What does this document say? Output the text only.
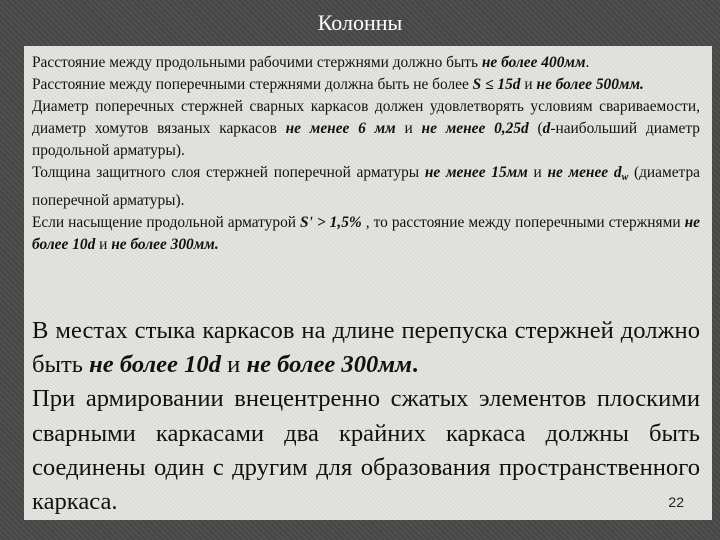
Колонны

Расстояние между продольными рабочими стержнями должно быть не более 400мм.

Расстояние между поперечными стержнями должна быть не более S ≤ 15d и не более 500мм.

Диаметр поперечных стержней сварных каркасов должен удовлетворять условиям свариваемости, диаметр хомутов вязаных каркасов не менее 6 мм и не менее 0,25d (d-наибольший диаметр продольной арматуры).

Толщина защитного слоя стержней поперечной арматуры не менее 15мм и не менее $d_w$ (диаметра поперечной арматуры).

Если насыщение продольной арматурой Sʹ > 1,5% , то расстояние между поперечными стержнями не более 10d и не более 300мм.

В местах стыка каркасов на длине перепуска стержней должно быть не более 10d и не более 300мм.

При армировании внецентренно сжатых элементов плоскими сварными каркасами два крайних каркаса должны быть соединены один с другим для образования пространственного каркаса.	22
